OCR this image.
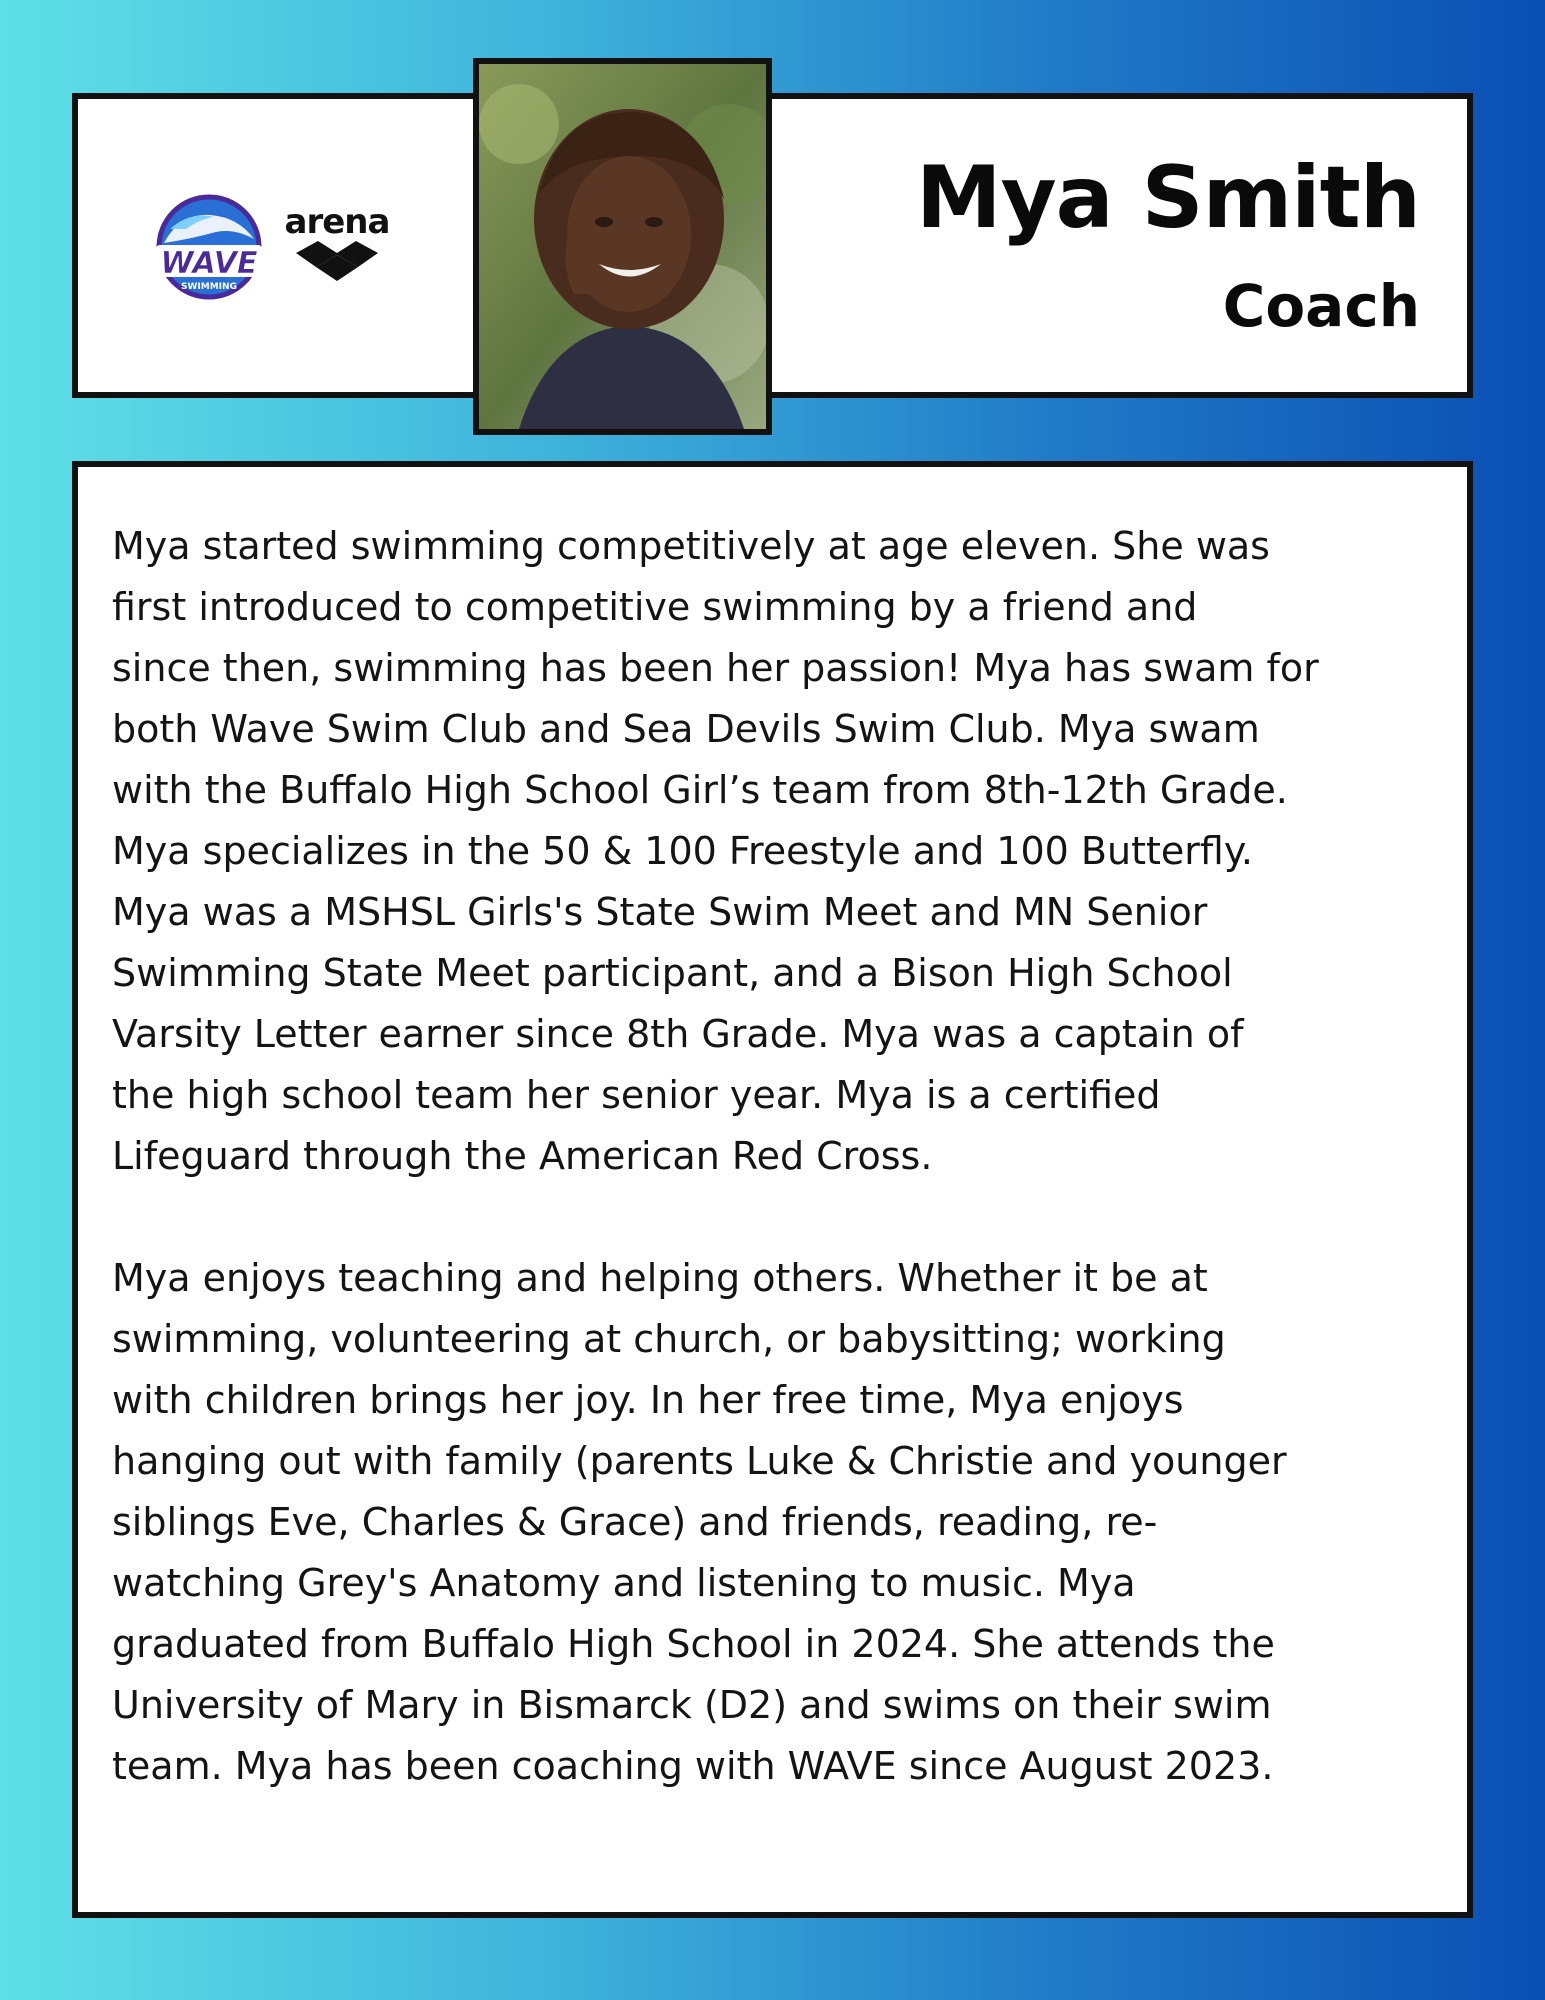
WAVE
SWIMMING
arena	Mya Smith
Coach

Mya started swimming competitively at age eleven. She was
first introduced to competitive swimming by a friend and
since then, swimming has been her passion! Mya has swam for
both Wave Swim Club and Sea Devils Swim Club. Mya swam
with the Buffalo High School Girl’s team from 8th-12th Grade.
Mya specializes in the 50 & 100 Freestyle and 100 Butterfly.
Mya was a MSHSL Girls's State Swim Meet and MN Senior
Swimming State Meet participant, and a Bison High School
Varsity Letter earner since 8th Grade. Mya was a captain of
the high school team her senior year. Mya is a certified
Lifeguard through the American Red Cross.

Mya enjoys teaching and helping others. Whether it be at
swimming, volunteering at church, or babysitting; working
with children brings her joy. In her free time, Mya enjoys
hanging out with family (parents Luke & Christie and younger
siblings Eve, Charles & Grace) and friends, reading, re-
watching Grey's Anatomy and listening to music. Mya
graduated from Buffalo High School in 2024. She attends the
University of Mary in Bismarck (D2) and swims on their swim
team. Mya has been coaching with WAVE since August 2023.
